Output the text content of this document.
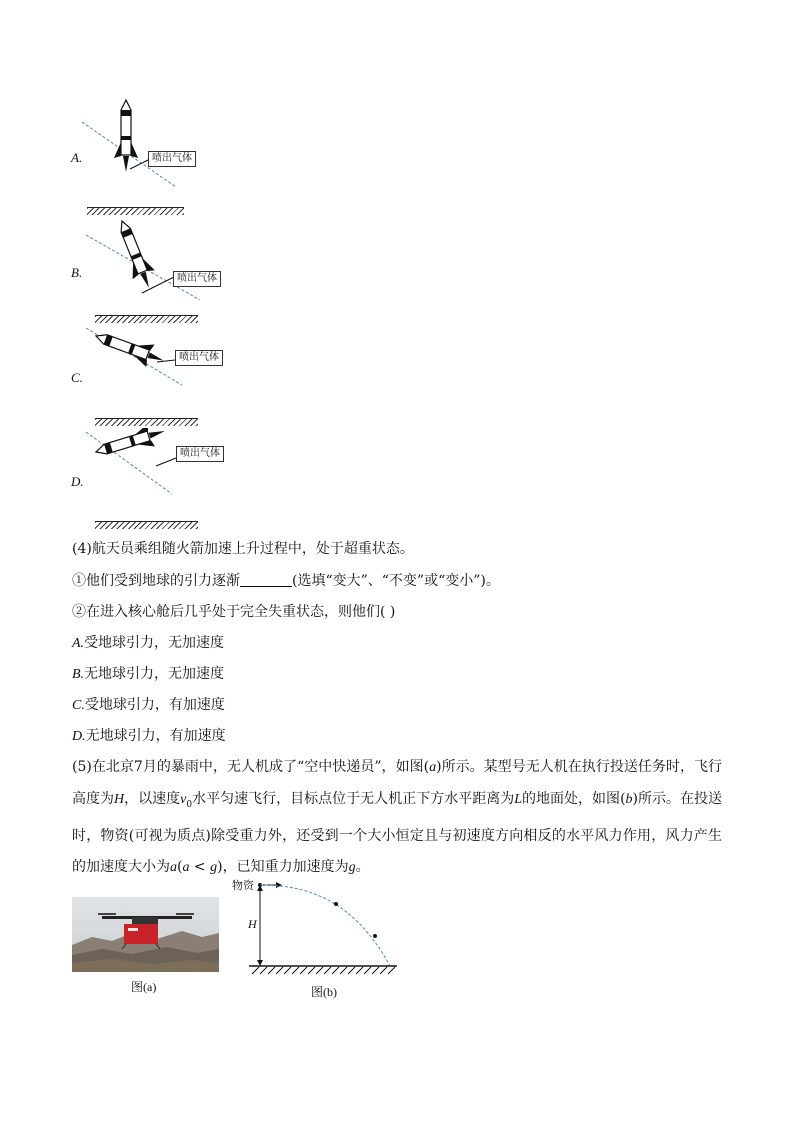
A.	喷出气体
B.	喷出气体
C.
喷出气体
D.
喷出气体
(4)航天员乘组随火箭加速上升过程中，处于超重状态。
①他们受到地球的引力逐渐	(选填“变大”、“不变”或“变小”)。
②在进入核心舱后几乎处于完全失重状态，则他们( )
A.受地球引力，无加速度
B.无地球引力，无加速度
C.受地球引力，有加速度
D.无地球引力，有加速度
(5)在北京7月的暴雨中，无人机成了“空中快递员”，如图(a)所示。某型号无人机在执行投送任务时，飞行高度为H，以速度$v_0$水平匀速飞行，目标点位于无人机正下方水平距离为L的地面处，如图(b)所示。在投送时，物资(可视为质点)除受重力外，还受到一个大小恒定且与初速度方向相反的水平风力作用，风力产生的加速度大小为a(a < g)，已知重力加速度为g。
图(a)
物资
H
图(b)
